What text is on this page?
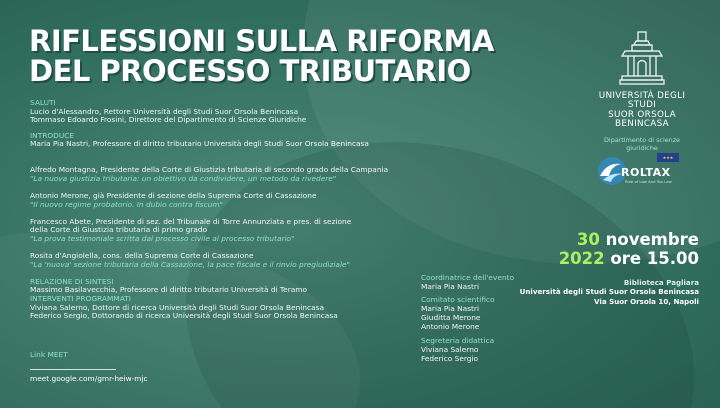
RIFLESSIONI SULLA RIFORMA
DEL PROCESSO TRIBUTARIO
SALUTI
Lucio d'Alessandro, Rettore Università degli Studi Suor Orsola Benincasa
Tommaso Edoardo Frosini, Direttore del Dipartimento di Scienze Giuridiche
INTRODUCE
Maria Pia Nastri, Professore di diritto tributario Università degli Studi Suor Orsola Benincasa
Alfredo Montagna, Presidente della Corte di Giustizia tributaria di secondo grado della Campania
"La nuova giustizia tributaria: un obiettivo da condividere, un metodo da rivedere"
Antonio Merone, già Presidente di sezione della Suprema Corte di Cassazione
"Il nuovo regime probatorio. In dubio contra fiscum"
Francesco Abete, Presidente di sez. del Tribunale di Torre Annunziata e pres. di sezione
della Corte di Giustizia tributaria di primo grado
"La prova testimoniale scritta dal processo civile al processo tributario"
Rosita d'Angiolella, cons. della Suprema Corte di Cassazione
"La 'nuova' sezione tributaria della Cassazione, la pace fiscale e il rinvio pregiudiziale"
RELAZIONE DI SINTESI
Massimo Basilavecchia, Professore di diritto tributario Università di Teramo
INTERVENTI PROGRAMMATI
Viviana Salerno, Dottore di ricerca Università degli Studi Suor Orsola Benincasa
Federico Sergio, Dottorando di ricerca Università degli Studi Suor Orsola Benincasa
Link MEET
meet.google.com/gmr-heiw-mjc
Coordinatrice dell'evento
Maria Pia Nastri
Comitato scientifico
Maria Pia Nastri
Giuditta Merone
Antonio Merone
Segreteria didattica
Viviana Salerno
Federico Sergio
UNIVERSITÀ DEGLI STUDI
SUOR ORSOLA
BENINCASA
Dipartimento di scienze giuridiche
★★★
ROLTAX
Rule of Law And Tax Law
30 novembre
2022 ore 15.00
Biblioteca Pagliara
Università degli Studi Suor Orsola Benincasa
Via Suor Orsola 10, Napoli
